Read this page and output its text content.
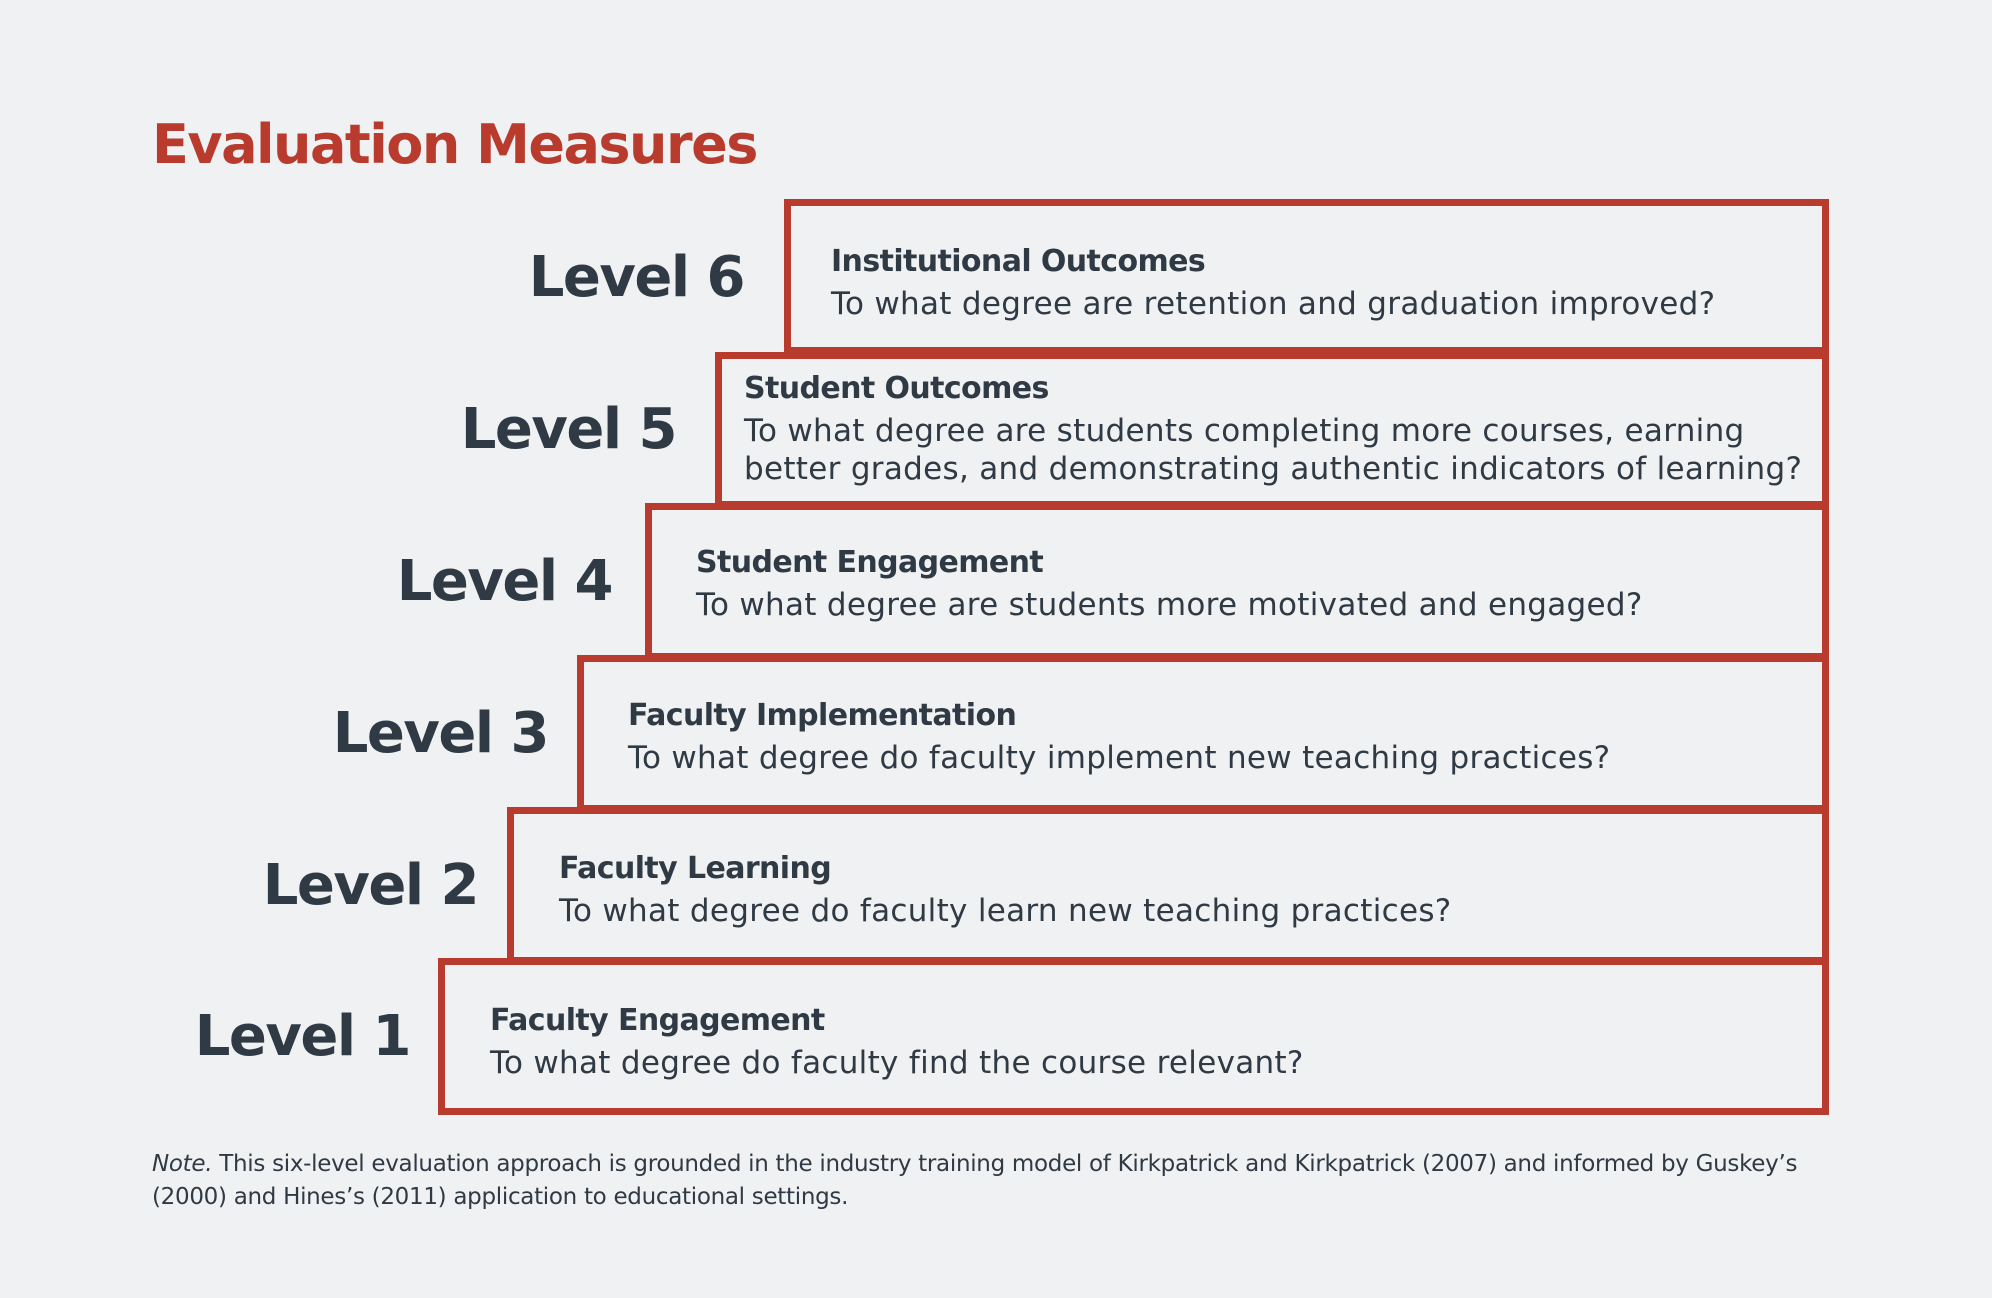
Evaluation Measures
Level 6	Institutional Outcomes
To what degree are retention and graduation improved?
Level 5
Student Outcomes
To what degree are students completing more courses, earning
better grades, and demonstrating authentic indicators of learning?
Level 4	Student Engagement
To what degree are students more motivated and engaged?
Level 3	Faculty Implementation
To what degree do faculty implement new teaching practices?
Level 2	Faculty Learning
To what degree do faculty learn new teaching practices?
Level 1	Faculty Engagement
To what degree do faculty find the course relevant?
Note. This six-level evaluation approach is grounded in the industry training model of Kirkpatrick and Kirkpatrick (2007) and informed by Guskey’s (2000) and Hines’s (2011) application to educational settings.
